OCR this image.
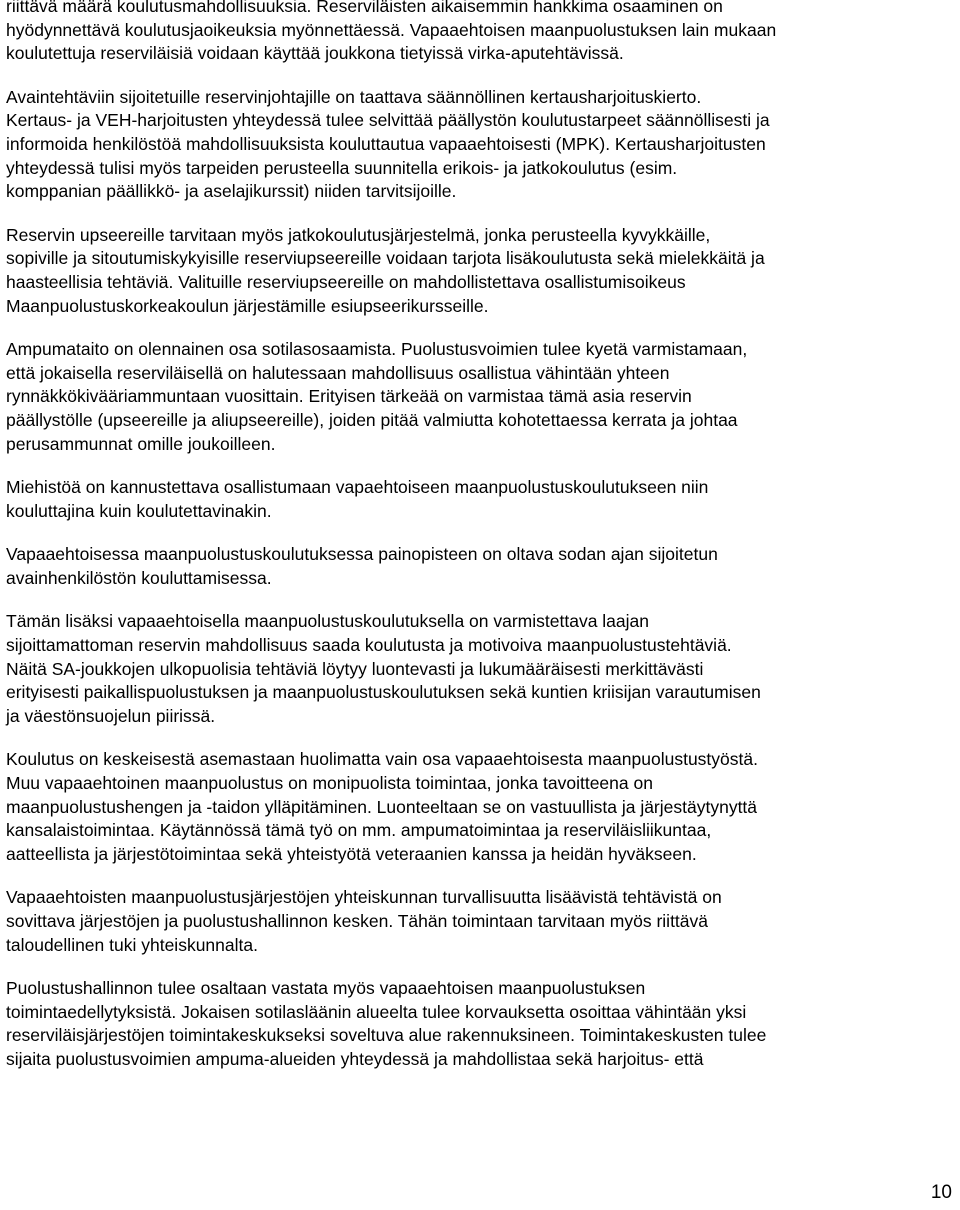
riittävä määrä koulutusmahdollisuuksia. Reserviläisten aikaisemmin hankkima osaaminen on
hyödynnettävä koulutusjaoikeuksia myönnettäessä. Vapaaehtoisen maanpuolustuksen lain mukaan
koulutettuja reserviläisiä voidaan käyttää joukkona tietyissä virka-aputehtävissä.
Avaintehtäviin sijoitetuille reservinjohtajille on taattava säännöllinen kertausharjoituskierto.
Kertaus- ja VEH-harjoitusten yhteydessä tulee selvittää päällystön koulutustarpeet säännöllisesti ja
informoida henkilöstöä mahdollisuuksista kouluttautua vapaaehtoisesti (MPK). Kertausharjoitusten
yhteydessä tulisi myös tarpeiden perusteella suunnitella erikois- ja jatkokoulutus (esim.
komppanian päällikkö- ja aselajikurssit) niiden tarvitsijoille.
Reservin upseereille tarvitaan myös jatkokoulutusjärjestelmä, jonka perusteella kyvykkäille,
sopiville ja sitoutumiskykyisille reserviupseereille voidaan tarjota lisäkoulutusta sekä mielekkäitä ja
haasteellisia tehtäviä. Valituille reserviupseereille on mahdollistettava osallistumisoikeus
Maanpuolustuskorkeakoulun järjestämille esiupseerikursseille.
Ampumataito on olennainen osa sotilasosaamista. Puolustusvoimien tulee kyetä varmistamaan,
että jokaisella reserviläisellä on halutessaan mahdollisuus osallistua vähintään yhteen
rynnäkkökivääriammuntaan vuosittain. Erityisen tärkeää on varmistaa tämä asia reservin
päällystölle (upseereille ja aliupseereille), joiden pitää valmiutta kohotettaessa kerrata ja johtaa
perusammunnat omille joukoilleen.
Miehistöä on kannustettava osallistumaan vapaehtoiseen maanpuolustuskoulutukseen niin
kouluttajina kuin koulutettavinakin.
Vapaaehtoisessa maanpuolustuskoulutuksessa painopisteen on oltava sodan ajan sijoitetun
avainhenkilöstön kouluttamisessa.
Tämän lisäksi vapaaehtoisella maanpuolustuskoulutuksella on varmistettava laajan
sijoittamattoman reservin mahdollisuus saada koulutusta ja motivoiva maanpuolustustehtäviä.
Näitä SA-joukkojen ulkopuolisia tehtäviä löytyy luontevasti ja lukumääräisesti merkittävästi
erityisesti paikallispuolustuksen ja maanpuolustuskoulutuksen sekä kuntien kriisijan varautumisen
ja väestönsuojelun piirissä.
Koulutus on keskeisestä asemastaan huolimatta vain osa vapaaehtoisesta maanpuolustustyöstä.
Muu vapaaehtoinen maanpuolustus on monipuolista toimintaa, jonka tavoitteena on
maanpuolustushengen ja -taidon ylläpitäminen. Luonteeltaan se on vastuullista ja järjestäytynyttä
kansalaistoimintaa. Käytännössä tämä työ on mm. ampumatoimintaa ja reserviläisliikuntaa,
aatteellista ja järjestötoimintaa sekä yhteistyötä veteraanien kanssa ja heidän hyväkseen.
Vapaaehtoisten maanpuolustusjärjestöjen yhteiskunnan turvallisuutta lisäävistä tehtävistä on
sovittava järjestöjen ja puolustushallinnon kesken. Tähän toimintaan tarvitaan myös riittävä
taloudellinen tuki yhteiskunnalta.
Puolustushallinnon tulee osaltaan vastata myös vapaaehtoisen maanpuolustuksen
toimintaedellytyksistä. Jokaisen sotilasläänin alueelta tulee korvauksetta osoittaa vähintään yksi
reserviläisjärjestöjen toimintakeskukseksi soveltuva alue rakennuksineen. Toimintakeskusten tulee
sijaita puolustusvoimien ampuma-alueiden yhteydessä ja mahdollistaa sekä harjoitus- että
10
